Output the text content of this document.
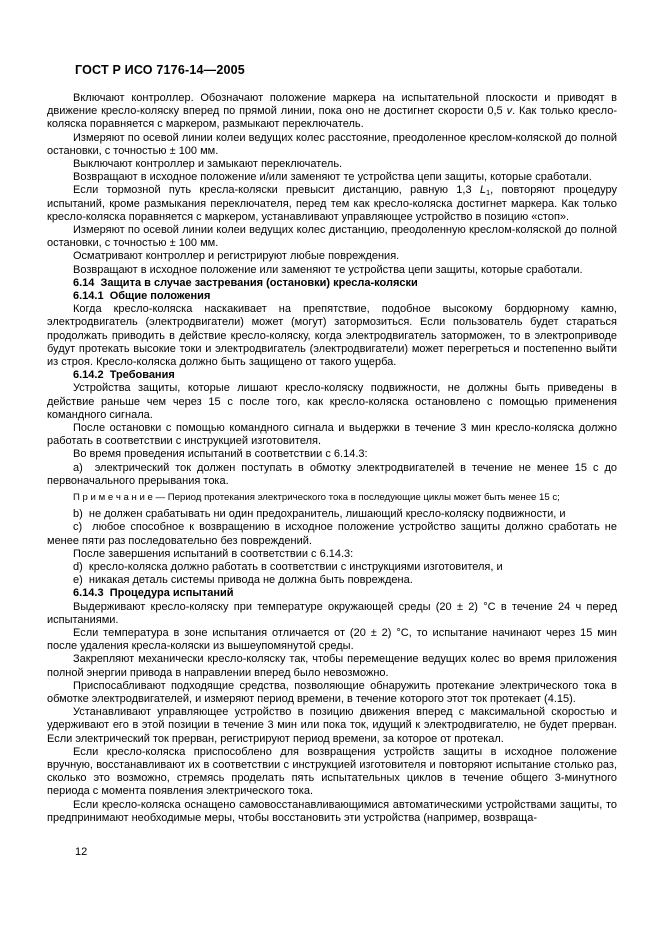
ГОСТ Р ИСО 7176-14—2005
Включают контроллер. Обозначают положение маркера на испытательной плоскости и приводят в движение кресло-коляску вперед по прямой линии, пока оно не достигнет скорости 0,5 v. Как только кресло-коляска поравняется с маркером, размыкают переключатель.
Измеряют по осевой линии колеи ведущих колес расстояние, преодоленное креслом-коляской до полной остановки, с точностью ± 100 мм.
Выключают контроллер и замыкают переключатель.
Возвращают в исходное положение и/или заменяют те устройства цепи защиты, которые сработали.
Если тормозной путь кресла-коляски превысит дистанцию, равную 1,3 $L_1$, повторяют процедуру испытаний, кроме размыкания переключателя, перед тем как кресло-коляска достигнет маркера. Как только кресло-коляска поравняется с маркером, устанавливают управляющее устройство в позицию «стоп».
Измеряют по осевой линии колеи ведущих колес дистанцию, преодоленную креслом-коляской до полной остановки, с точностью ± 100 мм.
Осматривают контроллер и регистрируют любые повреждения.
Возвращают в исходное положение или заменяют те устройства цепи защиты, которые сработали.
6.14  Защита в случае застревания (остановки) кресла-коляски
6.14.1  Общие положения
Когда кресло-коляска наскакивает на препятствие, подобное высокому бордюрному камню, электродвигатель (электродвигатели) может (могут) затормозиться. Если пользователь будет стараться продолжать приводить в действие кресло-коляску, когда электродвигатель заторможен, то в электроприводе будут протекать высокие токи и электродвигатель (электродвигатели) может перегреться и постепенно выйти из строя. Кресло-коляска должно быть защищено от такого ущерба.
6.14.2  Требования
Устройства защиты, которые лишают кресло-коляску подвижности, не должны быть приведены в действие раньше чем через 15 с после того, как кресло-коляска остановлено с помощью применения командного сигнала.
После остановки с помощью командного сигнала и выдержки в течение 3 мин кресло-коляска должно работать в соответствии с инструкцией изготовителя.
Во время проведения испытаний в соответствии с 6.14.3:
a)  электрический ток должен поступать в обмотку электродвигателей в течение не менее 15 с до первоначального прерывания тока.
П р и м е ч а н и е — Период протекания электрического тока в последующие циклы может быть менее 15 с;
b)  не должен срабатывать ни один предохранитель, лишающий кресло-коляску подвижности, и
c)  любое способное к возвращению в исходное положение устройство защиты должно сработать не менее пяти раз последовательно без повреждений.
После завершения испытаний в соответствии с 6.14.3:
d)  кресло-коляска должно работать в соответствии с инструкциями изготовителя, и
e)  никакая деталь системы привода не должна быть повреждена.
6.14.3  Процедура испытаний
Выдерживают кресло-коляску при температуре окружающей среды (20 ± 2) °С в течение 24 ч перед испытаниями.
Если температура в зоне испытания отличается от (20 ± 2) °С, то испытание начинают через 15 мин после удаления кресла-коляски из вышеупомянутой среды.
Закрепляют механически кресло-коляску так, чтобы перемещение ведущих колес во время приложения полной энергии привода в направлении вперед было невозможно.
Приспосабливают подходящие средства, позволяющие обнаружить протекание электрического тока в обмотке электродвигателей, и измеряют период времени, в течение которого этот ток протекает (4.15).
Устанавливают управляющее устройство в позицию движения вперед с максимальной скоростью и удерживают его в этой позиции в течение 3 мин или пока ток, идущий к электродвигателю, не будет прерван. Если электрический ток прерван, регистрируют период времени, за которое от протекал.
Если кресло-коляска приспособлено для возвращения устройств защиты в исходное положение вручную, восстанавливают их в соответствии с инструкцией изготовителя и повторяют испытание столько раз, сколько это возможно, стремясь проделать пять испытательных циклов в течение общего 3-минутного периода с момента появления электрического тока.
Если кресло-коляска оснащено самовосстанавливающимися автоматическими устройствами защиты, то предпринимают необходимые меры, чтобы восстановить эти устройства (например, возвраща-
12
